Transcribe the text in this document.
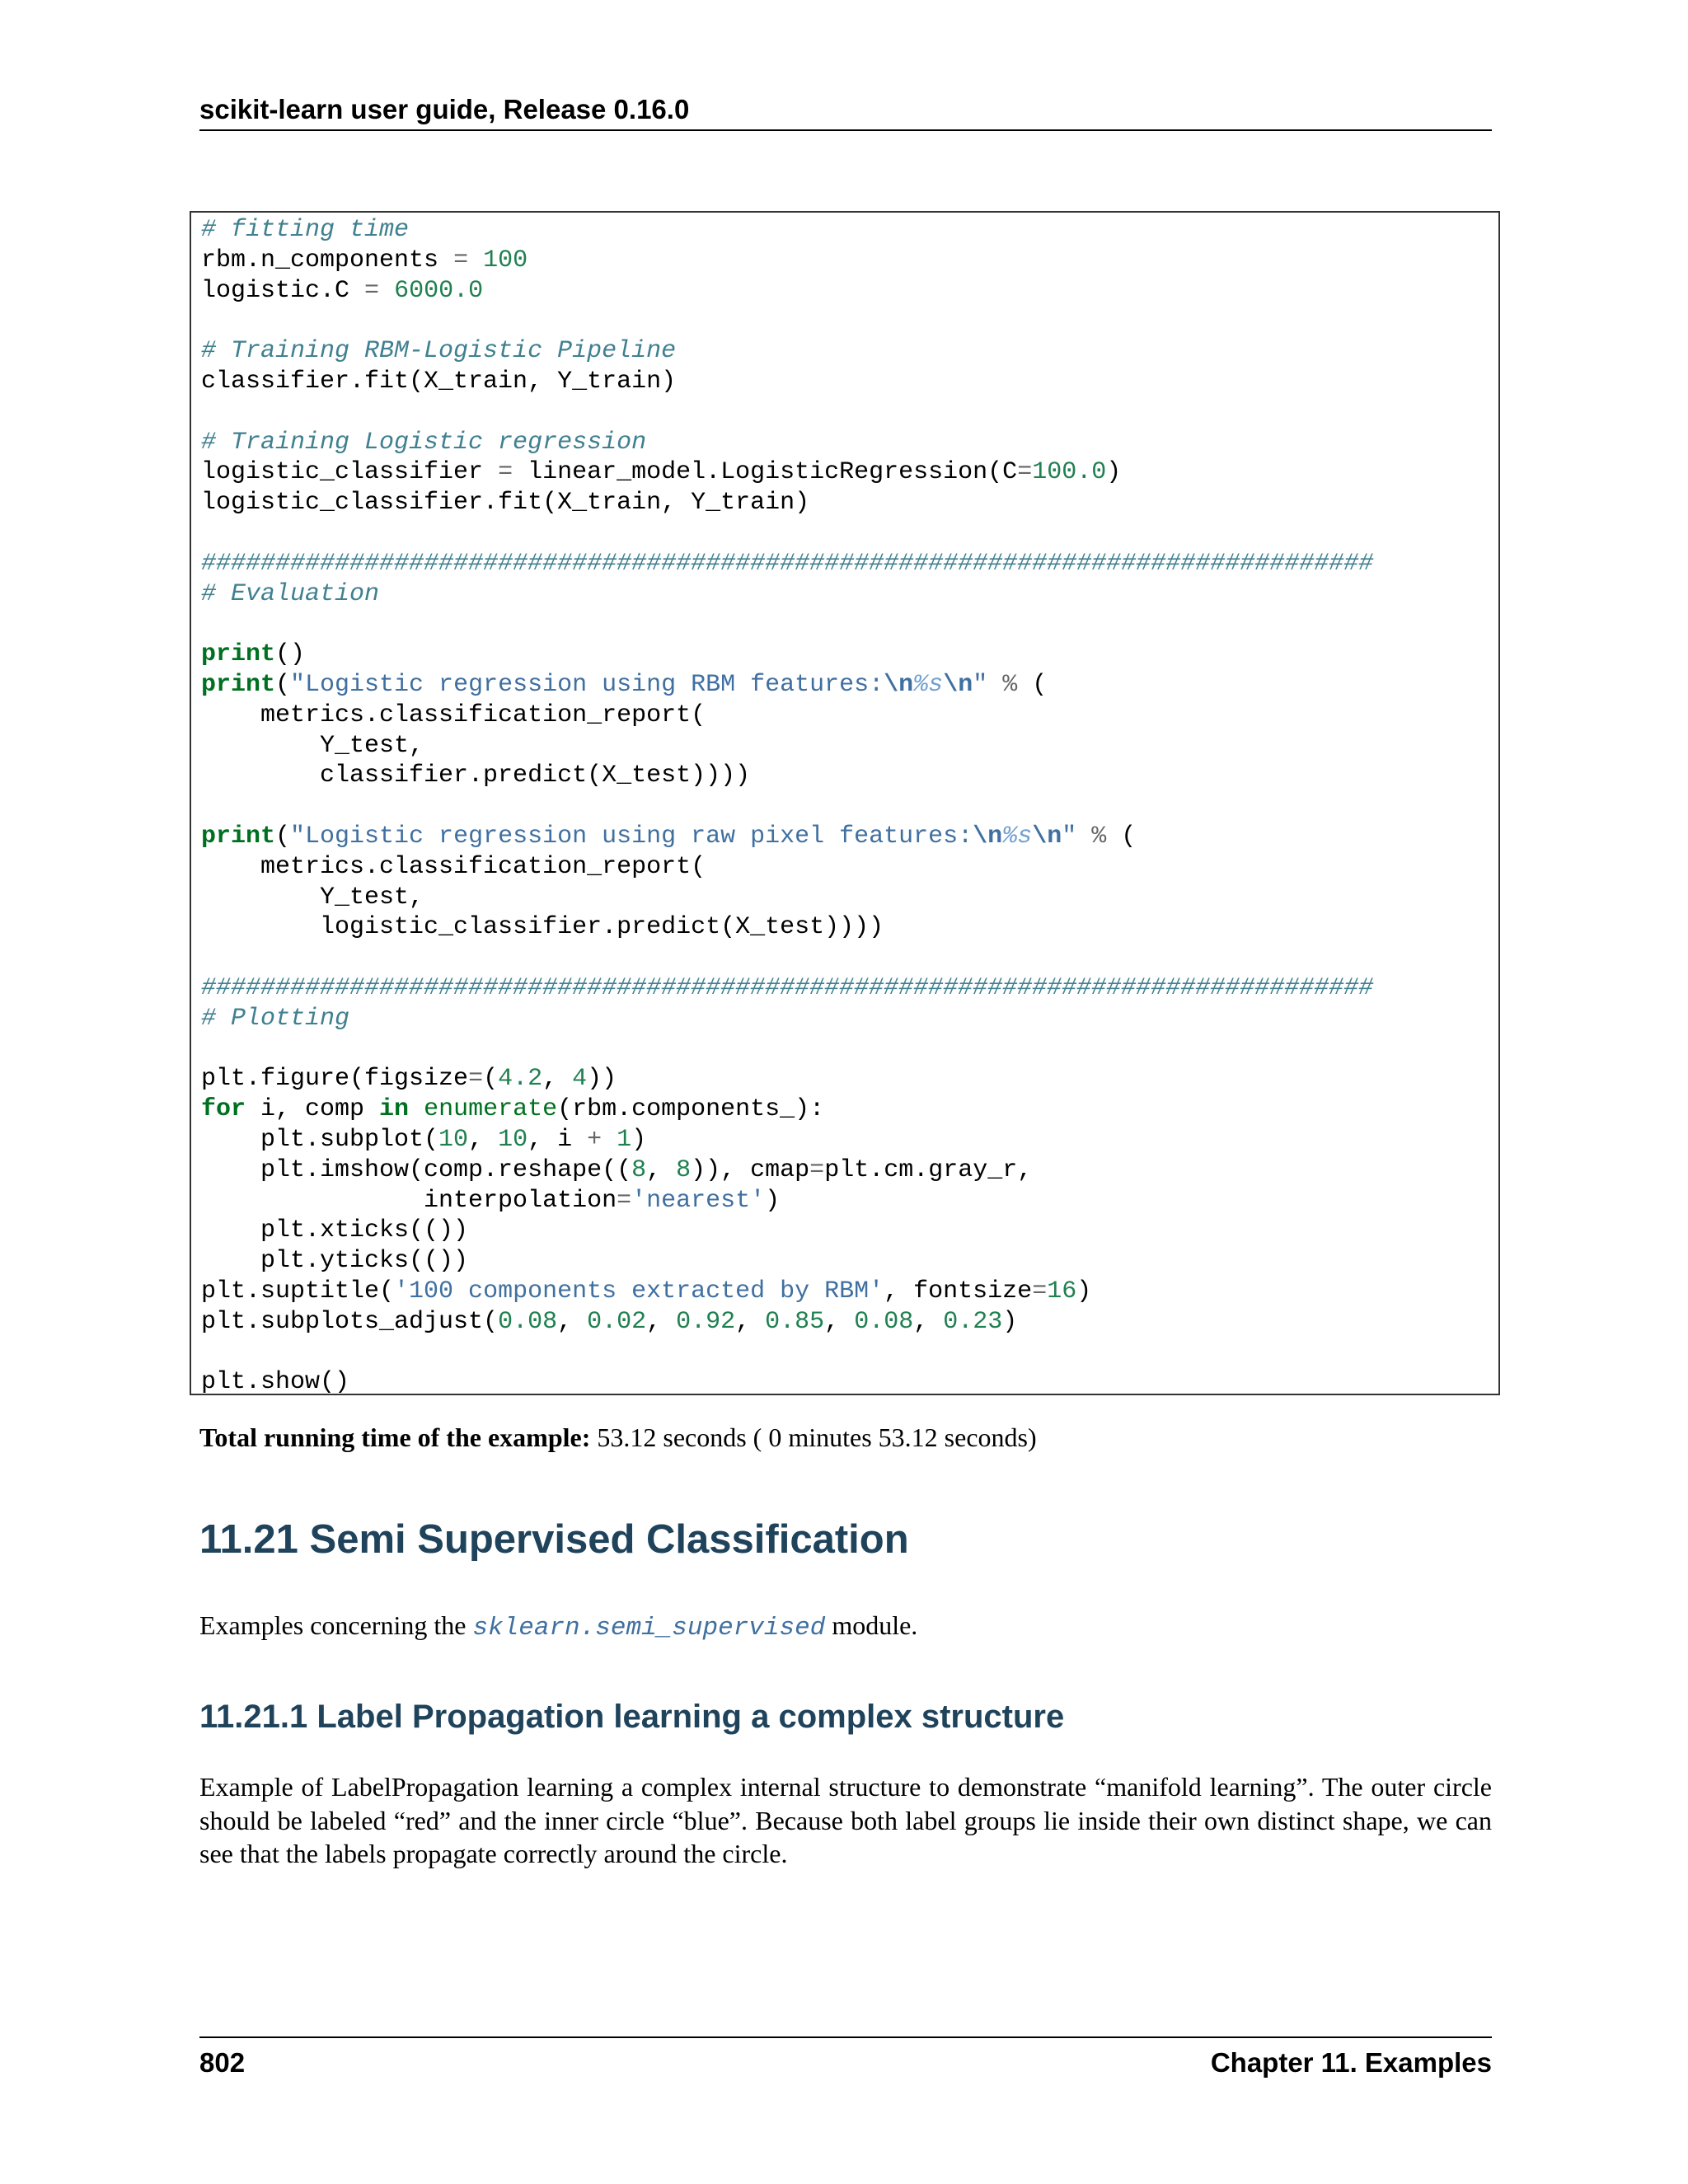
scikit-learn user guide, Release 0.16.0
# fitting time
rbm.n_components = 100
logistic.C = 6000.0
# Training RBM-Logistic Pipeline
classifier.fit(X_train, Y_train)
# Training Logistic regression
logistic_classifier = linear_model.LogisticRegression(C=100.0)
logistic_classifier.fit(X_train, Y_train)
###############################################################################
# Evaluation
print()
print("Logistic regression using RBM features:\n%s\n" % (
metrics.classification_report(
Y_test,
classifier.predict(X_test))))
print("Logistic regression using raw pixel features:\n%s\n" % (
metrics.classification_report(
Y_test,
logistic_classifier.predict(X_test))))
###############################################################################
# Plotting
plt.figure(figsize=(4.2, 4))
for i, comp in enumerate(rbm.components_):
plt.subplot(10, 10, i + 1)
plt.imshow(comp.reshape((8, 8)), cmap=plt.cm.gray_r,
interpolation='nearest')
plt.xticks(())
plt.yticks(())
plt.suptitle('100 components extracted by RBM', fontsize=16)
plt.subplots_adjust(0.08, 0.02, 0.92, 0.85, 0.08, 0.23)
plt.show()
Total running time of the example: 53.12 seconds ( 0 minutes 53.12 seconds)
11.21 Semi Supervised Classification
Examples concerning the sklearn.semi_supervised module.
11.21.1 Label Propagation learning a complex structure
Example of LabelPropagation learning a complex internal structure to demonstrate “manifold learning”. The outer circle should be labeled “red” and the inner circle “blue”. Because both label groups lie inside their own distinct shape, we can see that the labels propagate correctly around the circle.
802	Chapter 11. Examples
